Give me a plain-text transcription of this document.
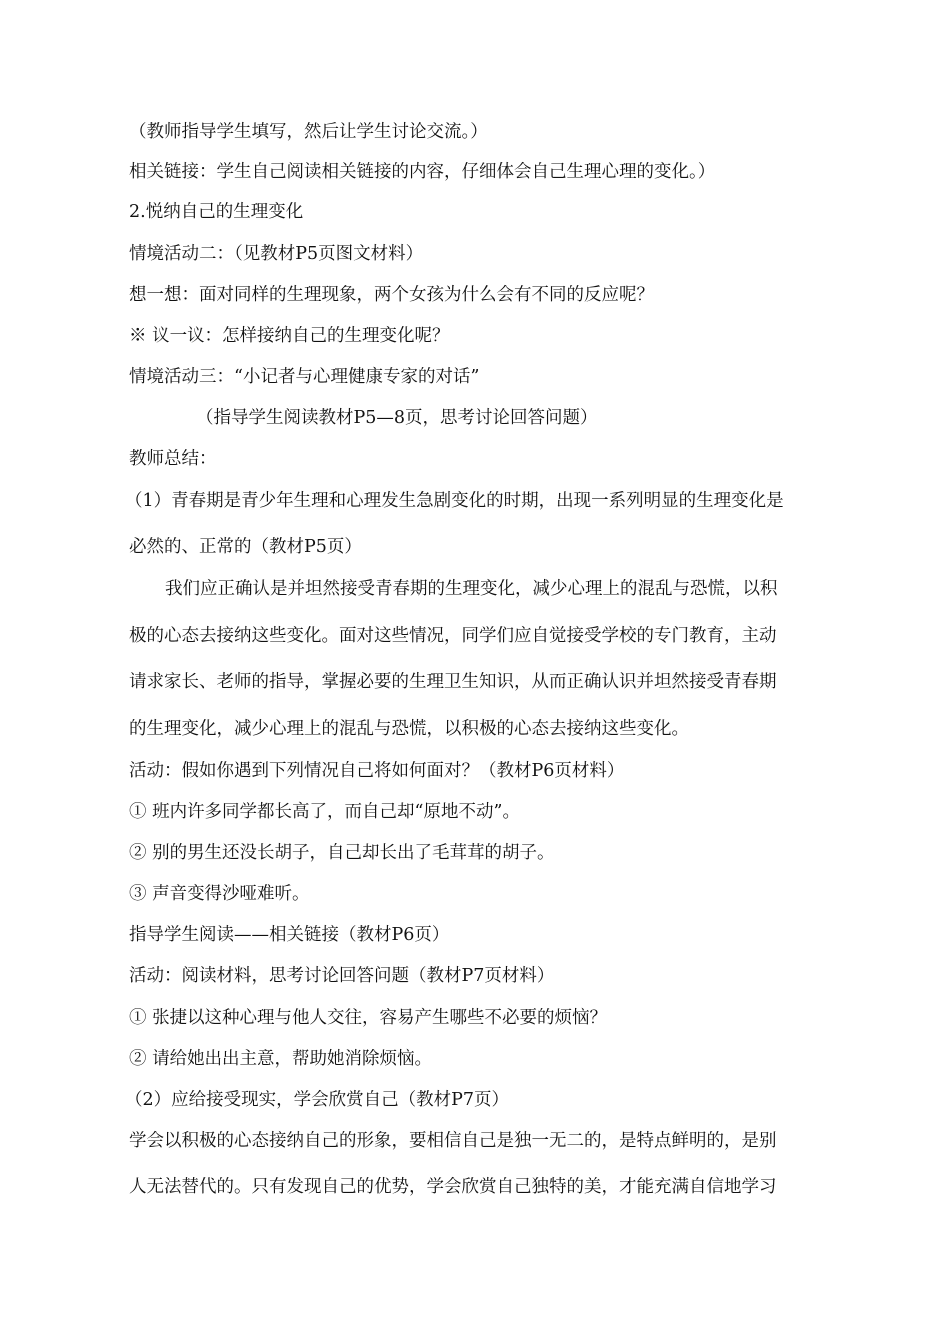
（教师指导学生填写，然后让学生讨论交流。）
相关链接：学生自己阅读相关链接的内容，仔细体会自己生理心理的变化。）
2.悦纳自己的生理变化
情境活动二：（见教材P5页图文材料）
想一想：面对同样的生理现象，两个女孩为什么会有不同的反应呢？
※ 议一议：怎样接纳自己的生理变化呢？
情境活动三：“小记者与心理健康专家的对话”
（指导学生阅读教材P5—8页，思考讨论回答问题）
教师总结：
（1）青春期是青少年生理和心理发生急剧变化的时期，出现一系列明显的生理变化是
必然的、正常的（教材P5页）
我们应正确认是并坦然接受青春期的生理变化，减少心理上的混乱与恐慌，以积
极的心态去接纳这些变化。面对这些情况，同学们应自觉接受学校的专门教育，主动
请求家长、老师的指导，掌握必要的生理卫生知识，从而正确认识并坦然接受青春期
的生理变化，减少心理上的混乱与恐慌，以积极的心态去接纳这些变化。
活动：假如你遇到下列情况自己将如何面对？（教材P6页材料）
① 班内许多同学都长高了，而自己却“原地不动”。
② 别的男生还没长胡子，自己却长出了毛茸茸的胡子。
③ 声音变得沙哑难听。
指导学生阅读——相关链接（教材P6页）
活动：阅读材料，思考讨论回答问题（教材P7页材料）
① 张捷以这种心理与他人交往，容易产生哪些不必要的烦恼？
② 请给她出出主意，帮助她消除烦恼。
（2）应给接受现实，学会欣赏自己（教材P7页）
学会以积极的心态接纳自己的形象，要相信自己是独一无二的，是特点鲜明的，是别
人无法替代的。只有发现自己的优势，学会欣赏自己独特的美，才能充满自信地学习
